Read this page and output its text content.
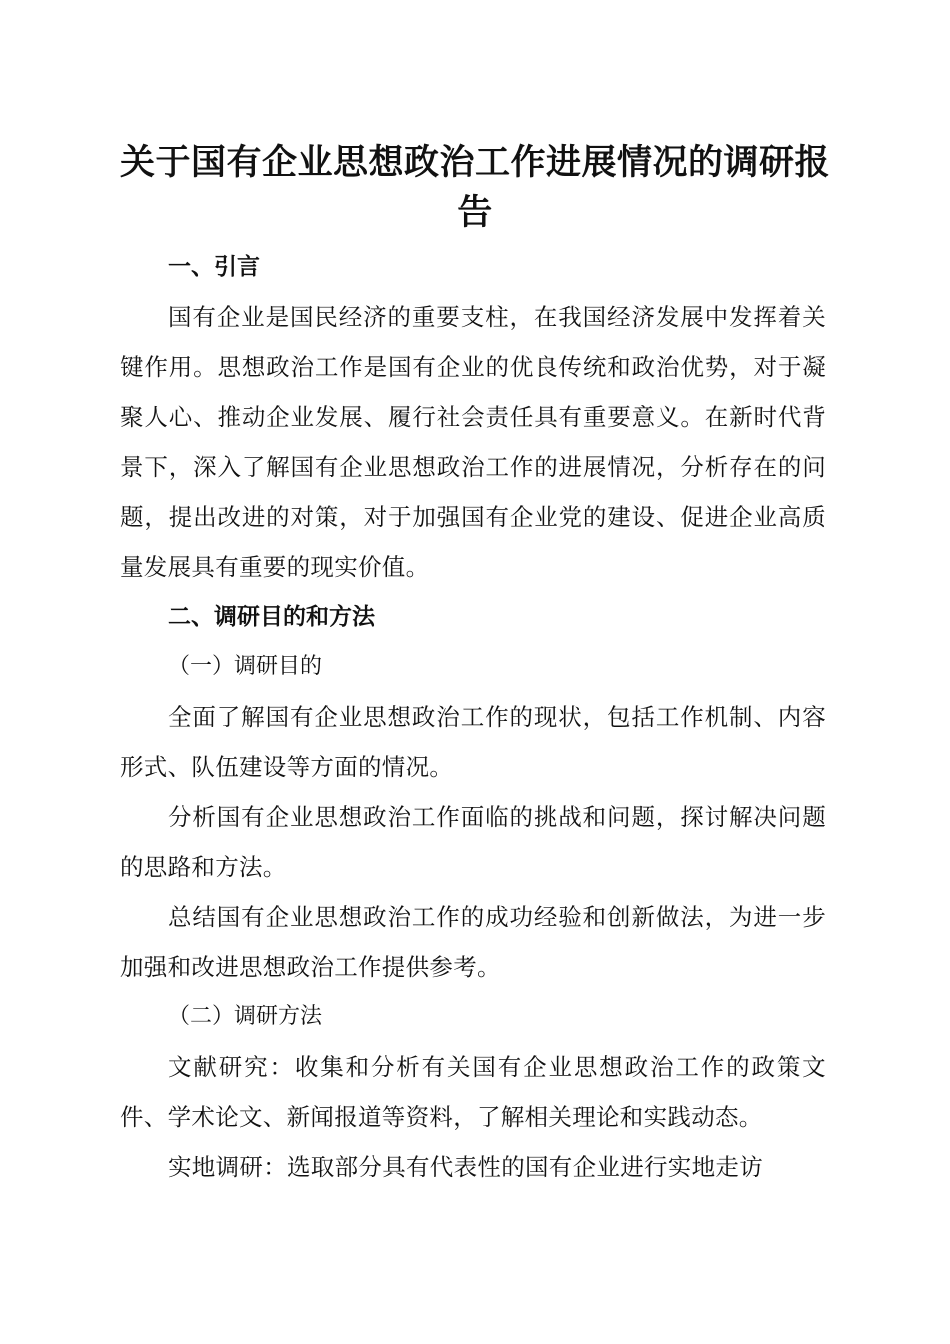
关于国有企业思想政治工作进展情况的调研报告

一、引言

国有企业是国民经济的重要支柱，在我国经济发展中发挥着关键作用。思想政治工作是国有企业的优良传统和政治优势，对于凝聚人心、推动企业发展、履行社会责任具有重要意义。在新时代背景下，深入了解国有企业思想政治工作的进展情况，分析存在的问题，提出改进的对策，对于加强国有企业党的建设、促进企业高质量发展具有重要的现实价值。

二、调研目的和方法

（一）调研目的

全面了解国有企业思想政治工作的现状，包括工作机制、内容形式、队伍建设等方面的情况。

分析国有企业思想政治工作面临的挑战和问题，探讨解决问题的思路和方法。

总结国有企业思想政治工作的成功经验和创新做法，为进一步加强和改进思想政治工作提供参考。

（二）调研方法

文献研究：收集和分析有关国有企业思想政治工作的政策文件、学术论文、新闻报道等资料，了解相关理论和实践动态。

实地调研：选取部分具有代表性的国有企业进行实地走访
